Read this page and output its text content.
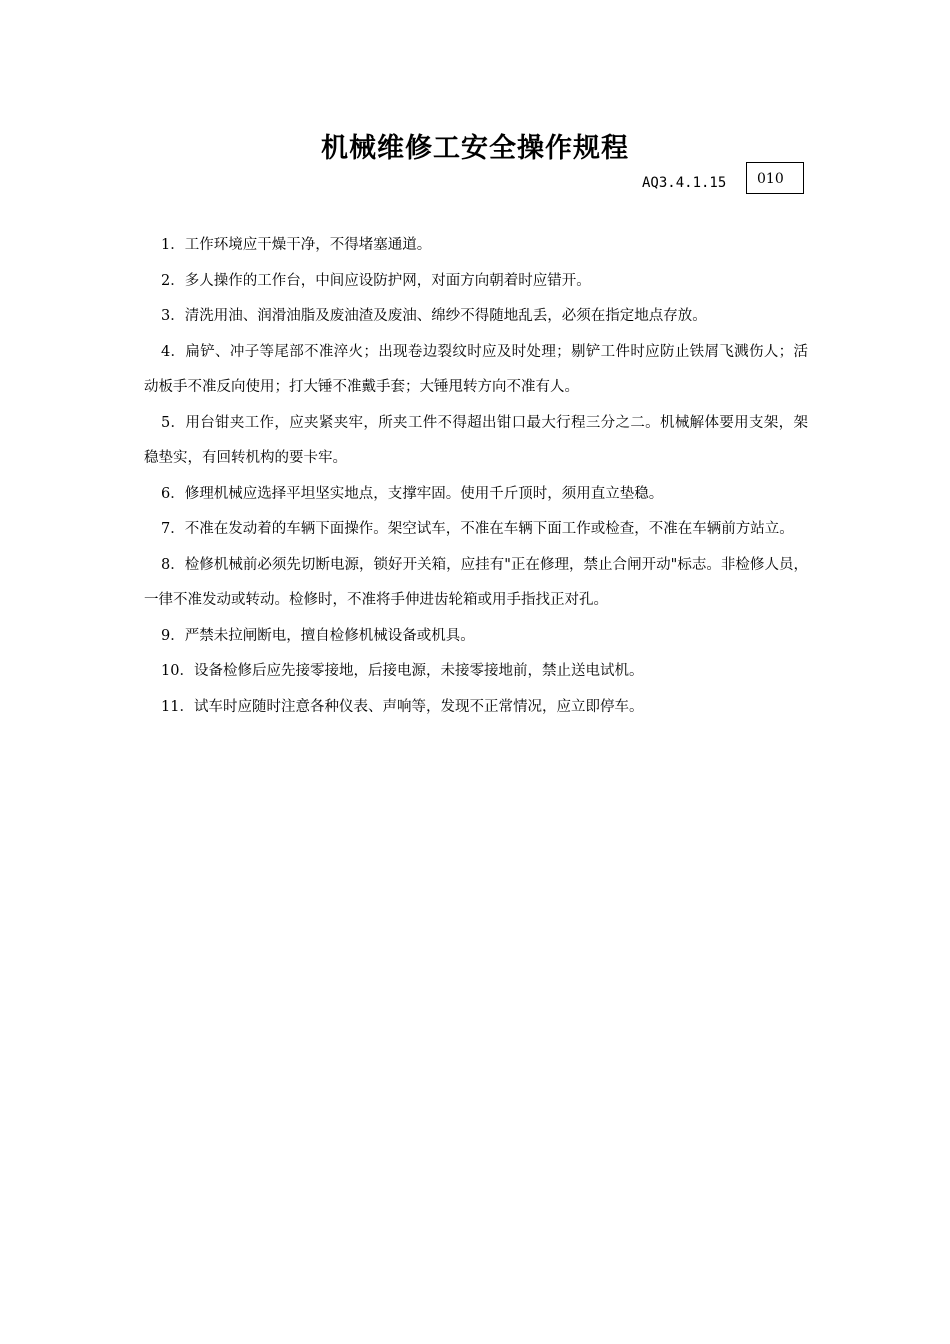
机械维修工安全操作规程
AQ3.4.1.15	010

1．工作环境应干燥干净，不得堵塞通道。

2．多人操作的工作台，中间应设防护网，对面方向朝着时应错开。

3．清洗用油、润滑油脂及废油渣及废油、绵纱不得随地乱丢，必须在指定地点存放。

4．扁铲、冲子等尾部不准淬火；出现卷边裂纹时应及时处理；剔铲工件时应防止铁屑飞溅伤人；活动板手不准反向使用；打大锤不准戴手套；大锤甩转方向不准有人。

5．用台钳夹工作，应夹紧夹牢，所夹工件不得超出钳口最大行程三分之二。机械解体要用支架，架稳垫实，有回转机构的要卡牢。

6．修理机械应选择平坦坚实地点，支撑牢固。使用千斤顶时，须用直立垫稳。

7．不准在发动着的车辆下面操作。架空试车，不准在车辆下面工作或检查，不准在车辆前方站立。

8．检修机械前必须先切断电源，锁好开关箱，应挂有"正在修理，禁止合闸开动"标志。非检修人员，一律不准发动或转动。检修时，不准将手伸进齿轮箱或用手指找正对孔。

9．严禁未拉闸断电，擅自检修机械设备或机具。

10．设备检修后应先接零接地，后接电源，未接零接地前，禁止送电试机。

11．试车时应随时注意各种仪表、声响等，发现不正常情况，应立即停车。
